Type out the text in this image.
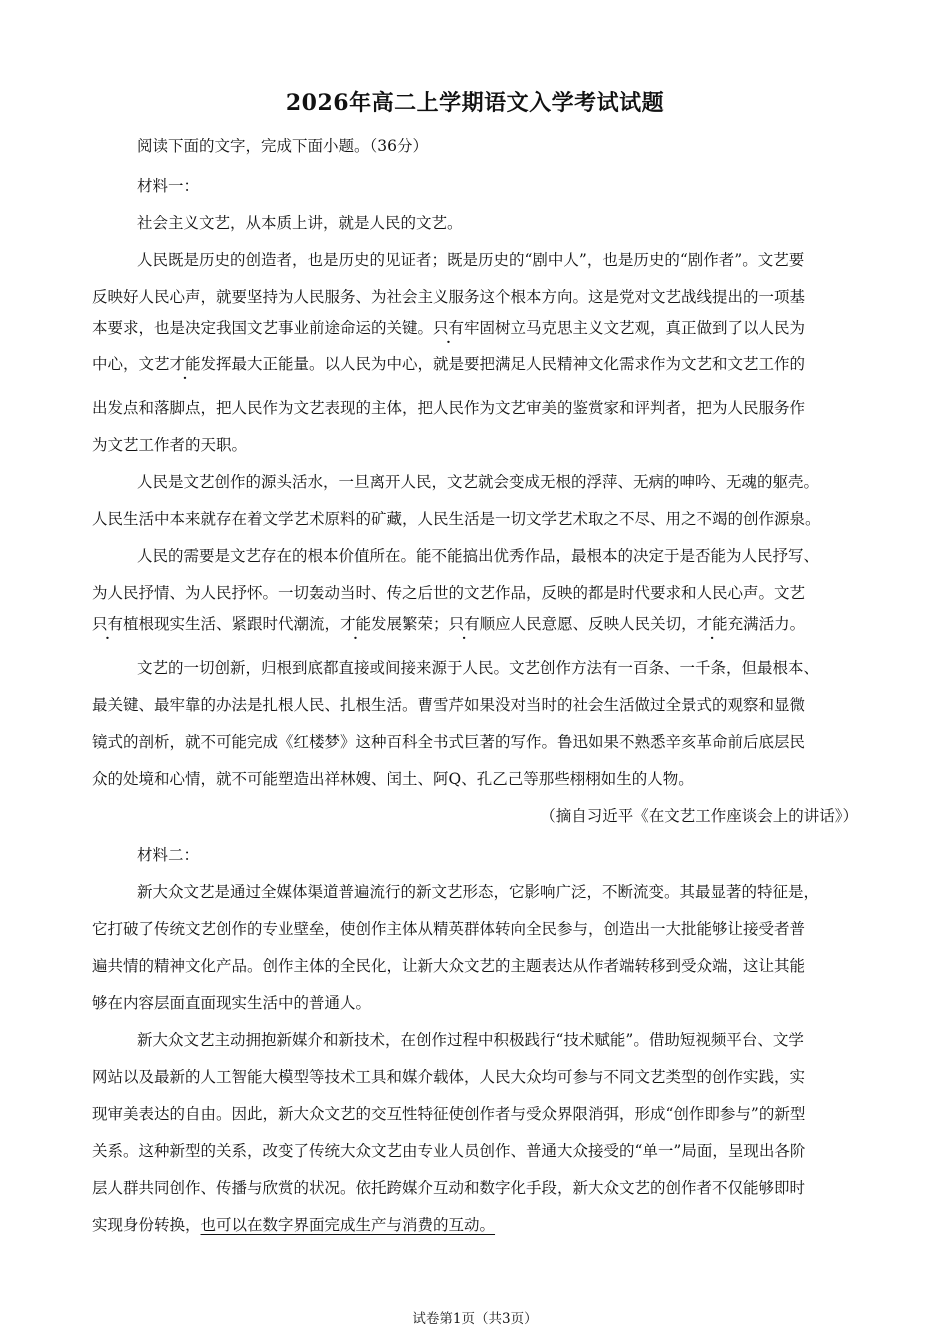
2026年高二上学期语文入学考试试题
阅读下面的文字，完成下面小题。（36分）
材料一：
社会主义文艺，从本质上讲，就是人民的文艺。
人民既是历史的创造者，也是历史的见证者；既是历史的“剧中人”，也是历史的“剧作者”。文艺要
反映好人民心声，就要坚持为人民服务、为社会主义服务这个根本方向。这是党对文艺战线提出的一项基
本要求，也是决定我国文艺事业前途命运的关键。只有牢固树立马克思主义文艺观，真正做到了以人民为
中心，文艺才能发挥最大正能量。以人民为中心，就是要把满足人民精神文化需求作为文艺和文艺工作的
出发点和落脚点，把人民作为文艺表现的主体，把人民作为文艺审美的鉴赏家和评判者，把为人民服务作
为文艺工作者的天职。
人民是文艺创作的源头活水，一旦离开人民，文艺就会变成无根的浮萍、无病的呻吟、无魂的躯壳。
人民生活中本来就存在着文学艺术原料的矿藏，人民生活是一切文学艺术取之不尽、用之不竭的创作源泉。
人民的需要是文艺存在的根本价值所在。能不能搞出优秀作品，最根本的决定于是否能为人民抒写、
为人民抒情、为人民抒怀。一切轰动当时、传之后世的文艺作品，反映的都是时代要求和人民心声。文艺
只有植根现实生活、紧跟时代潮流，才能发展繁荣；只有顺应人民意愿、反映人民关切，才能充满活力。
文艺的一切创新，归根到底都直接或间接来源于人民。文艺创作方法有一百条、一千条，但最根本、
最关键、最牢靠的办法是扎根人民、扎根生活。曹雪芹如果没对当时的社会生活做过全景式的观察和显微
镜式的剖析，就不可能完成《红楼梦》这种百科全书式巨著的写作。鲁迅如果不熟悉辛亥革命前后底层民
众的处境和心情，就不可能塑造出祥林嫂、闰土、阿Q、孔乙己等那些栩栩如生的人物。
（摘自习近平《在文艺工作座谈会上的讲话》）
材料二：
新大众文艺是通过全媒体渠道普遍流行的新文艺形态，它影响广泛，不断流变。其最显著的特征是，
它打破了传统文艺创作的专业壁垒，使创作主体从精英群体转向全民参与，创造出一大批能够让接受者普
遍共情的精神文化产品。创作主体的全民化，让新大众文艺的主题表达从作者端转移到受众端，这让其能
够在内容层面直面现实生活中的普通人。
新大众文艺主动拥抱新媒介和新技术，在创作过程中积极践行“技术赋能”。借助短视频平台、文学
网站以及最新的人工智能大模型等技术工具和媒介载体，人民大众均可参与不同文艺类型的创作实践，实
现审美表达的自由。因此，新大众文艺的交互性特征使创作者与受众界限消弭，形成“创作即参与”的新型
关系。这种新型的关系，改变了传统大众文艺由专业人员创作、普通大众接受的“单一”局面，呈现出各阶
层人群共同创作、传播与欣赏的状况。依托跨媒介互动和数字化手段，新大众文艺的创作者不仅能够即时
实现身份转换，也可以在数字界面完成生产与消费的互动。
试卷第1页（共3页）
